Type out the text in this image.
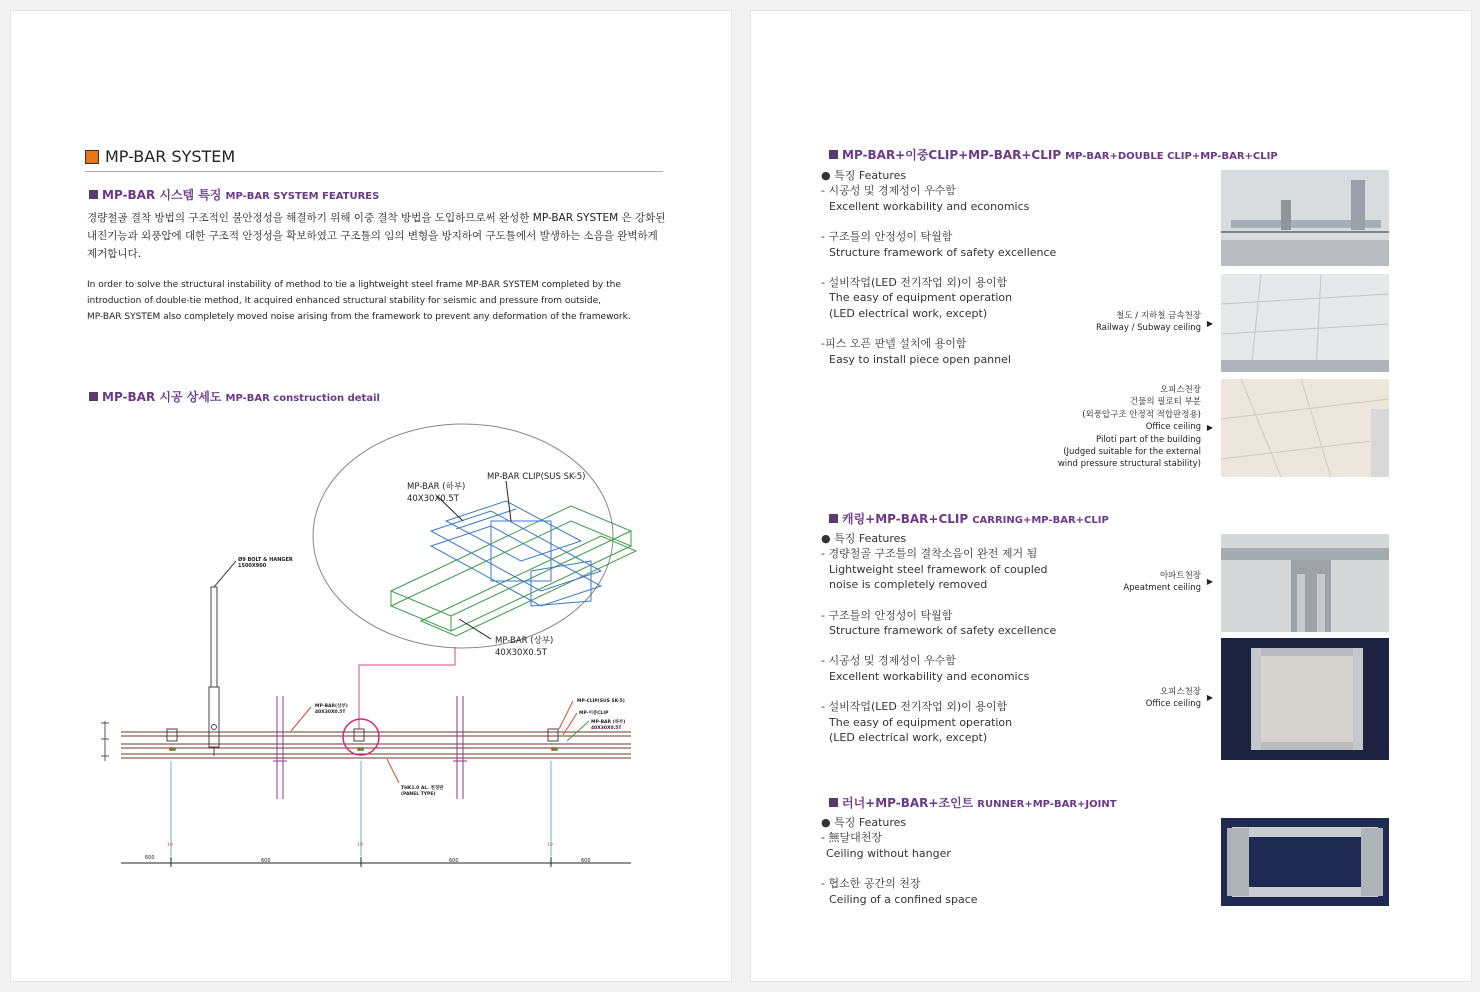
MP-BAR SYSTEM
MP-BAR 시스템 특징 MP-BAR SYSTEM FEATURES
경량철골 결착 방법의 구조적인 불안정성을 해결하기 위해 이중 결착 방법을 도입하므로써 완성한 MP-BAR SYSTEM 은 강화된
내진기능과 외풍압에 대한 구조적 안정성을 확보하였고 구조틀의 임의 변형을 방지하여 구도틀에서 발생하는 소음을 완벽하게
제거합니다.
In order to solve the structural instability of method to tie a lightweight steel frame MP-BAR SYSTEM completed by the
introduction of double-tie method, It acquired enhanced structural stability for seismic and pressure from outside,
MP-BAR SYSTEM also completely moved noise arising from the framework to prevent any deformation of the framework.
MP-BAR 시공 상세도 MP-BAR construction detail
MP-BAR (하부)
40X30X0.5T
MP-BAR CLIP(SUS SK-5)
MP-BAR (상부)
40X30X0.5T
Ø9 BOLT & HANGER
1500X900
MP-BAR(상부)
40X30X0.5T
MP-CLIP(SUS SK-5)
MP-이중CLIP
MP-BAR (하부)
40X30X0.5T
THK1.0 AL. 천정판
(PANEL TYPE)
600	600	600	600
10	10	10
MP-BAR+이중CLIP+MP-BAR+CLIP MP-BAR+DOUBLE CLIP+MP-BAR+CLIP
● 특징 Features
- 시공성 및 경제성이 우수함
Excellent workability and economics
- 구조틀의 안정성이 탁월함
Structure framework of safety excellence
- 설비작업(LED 전기작업 외)이 용이함
The easy of equipment operation
(LED electrical work, except)
-피스 오픈 판넬 설치에 용이함
Easy to install piece open pannel
철도 / 지하철 금속천장
Railway / Subway ceiling ▶
오피스천장
건물의 필로티 부분
(외풍압구조 안정적 적합판정용)
Office ceiling
Piloti part of the building
(Judged suitable for the external
wind pressure structural stability)
▶
캐링+MP-BAR+CLIP CARRING+MP-BAR+CLIP
● 특징 Features
- 경량철골 구조틀의 결착소음이 완전 제거 됨
Lightweight steel framework of coupled
noise is completely removed
- 구조틀의 안정성이 탁월함
Structure framework of safety excellence
- 시공성 및 경제성이 우수함
Excellent workability and economics
- 설비작업(LED 전기작업 외)이 용이함
The easy of equipment operation
(LED electrical work, except)
아파트천장
Apeatment ceiling
▶
오피스천장
Office ceiling
▶
러너+MP-BAR+조인트 RUNNER+MP-BAR+JOINT
● 특징 Features
- 無달대천장
Ceiling without hanger
- 협소한 공간의 천장
Ceiling of a confined space
